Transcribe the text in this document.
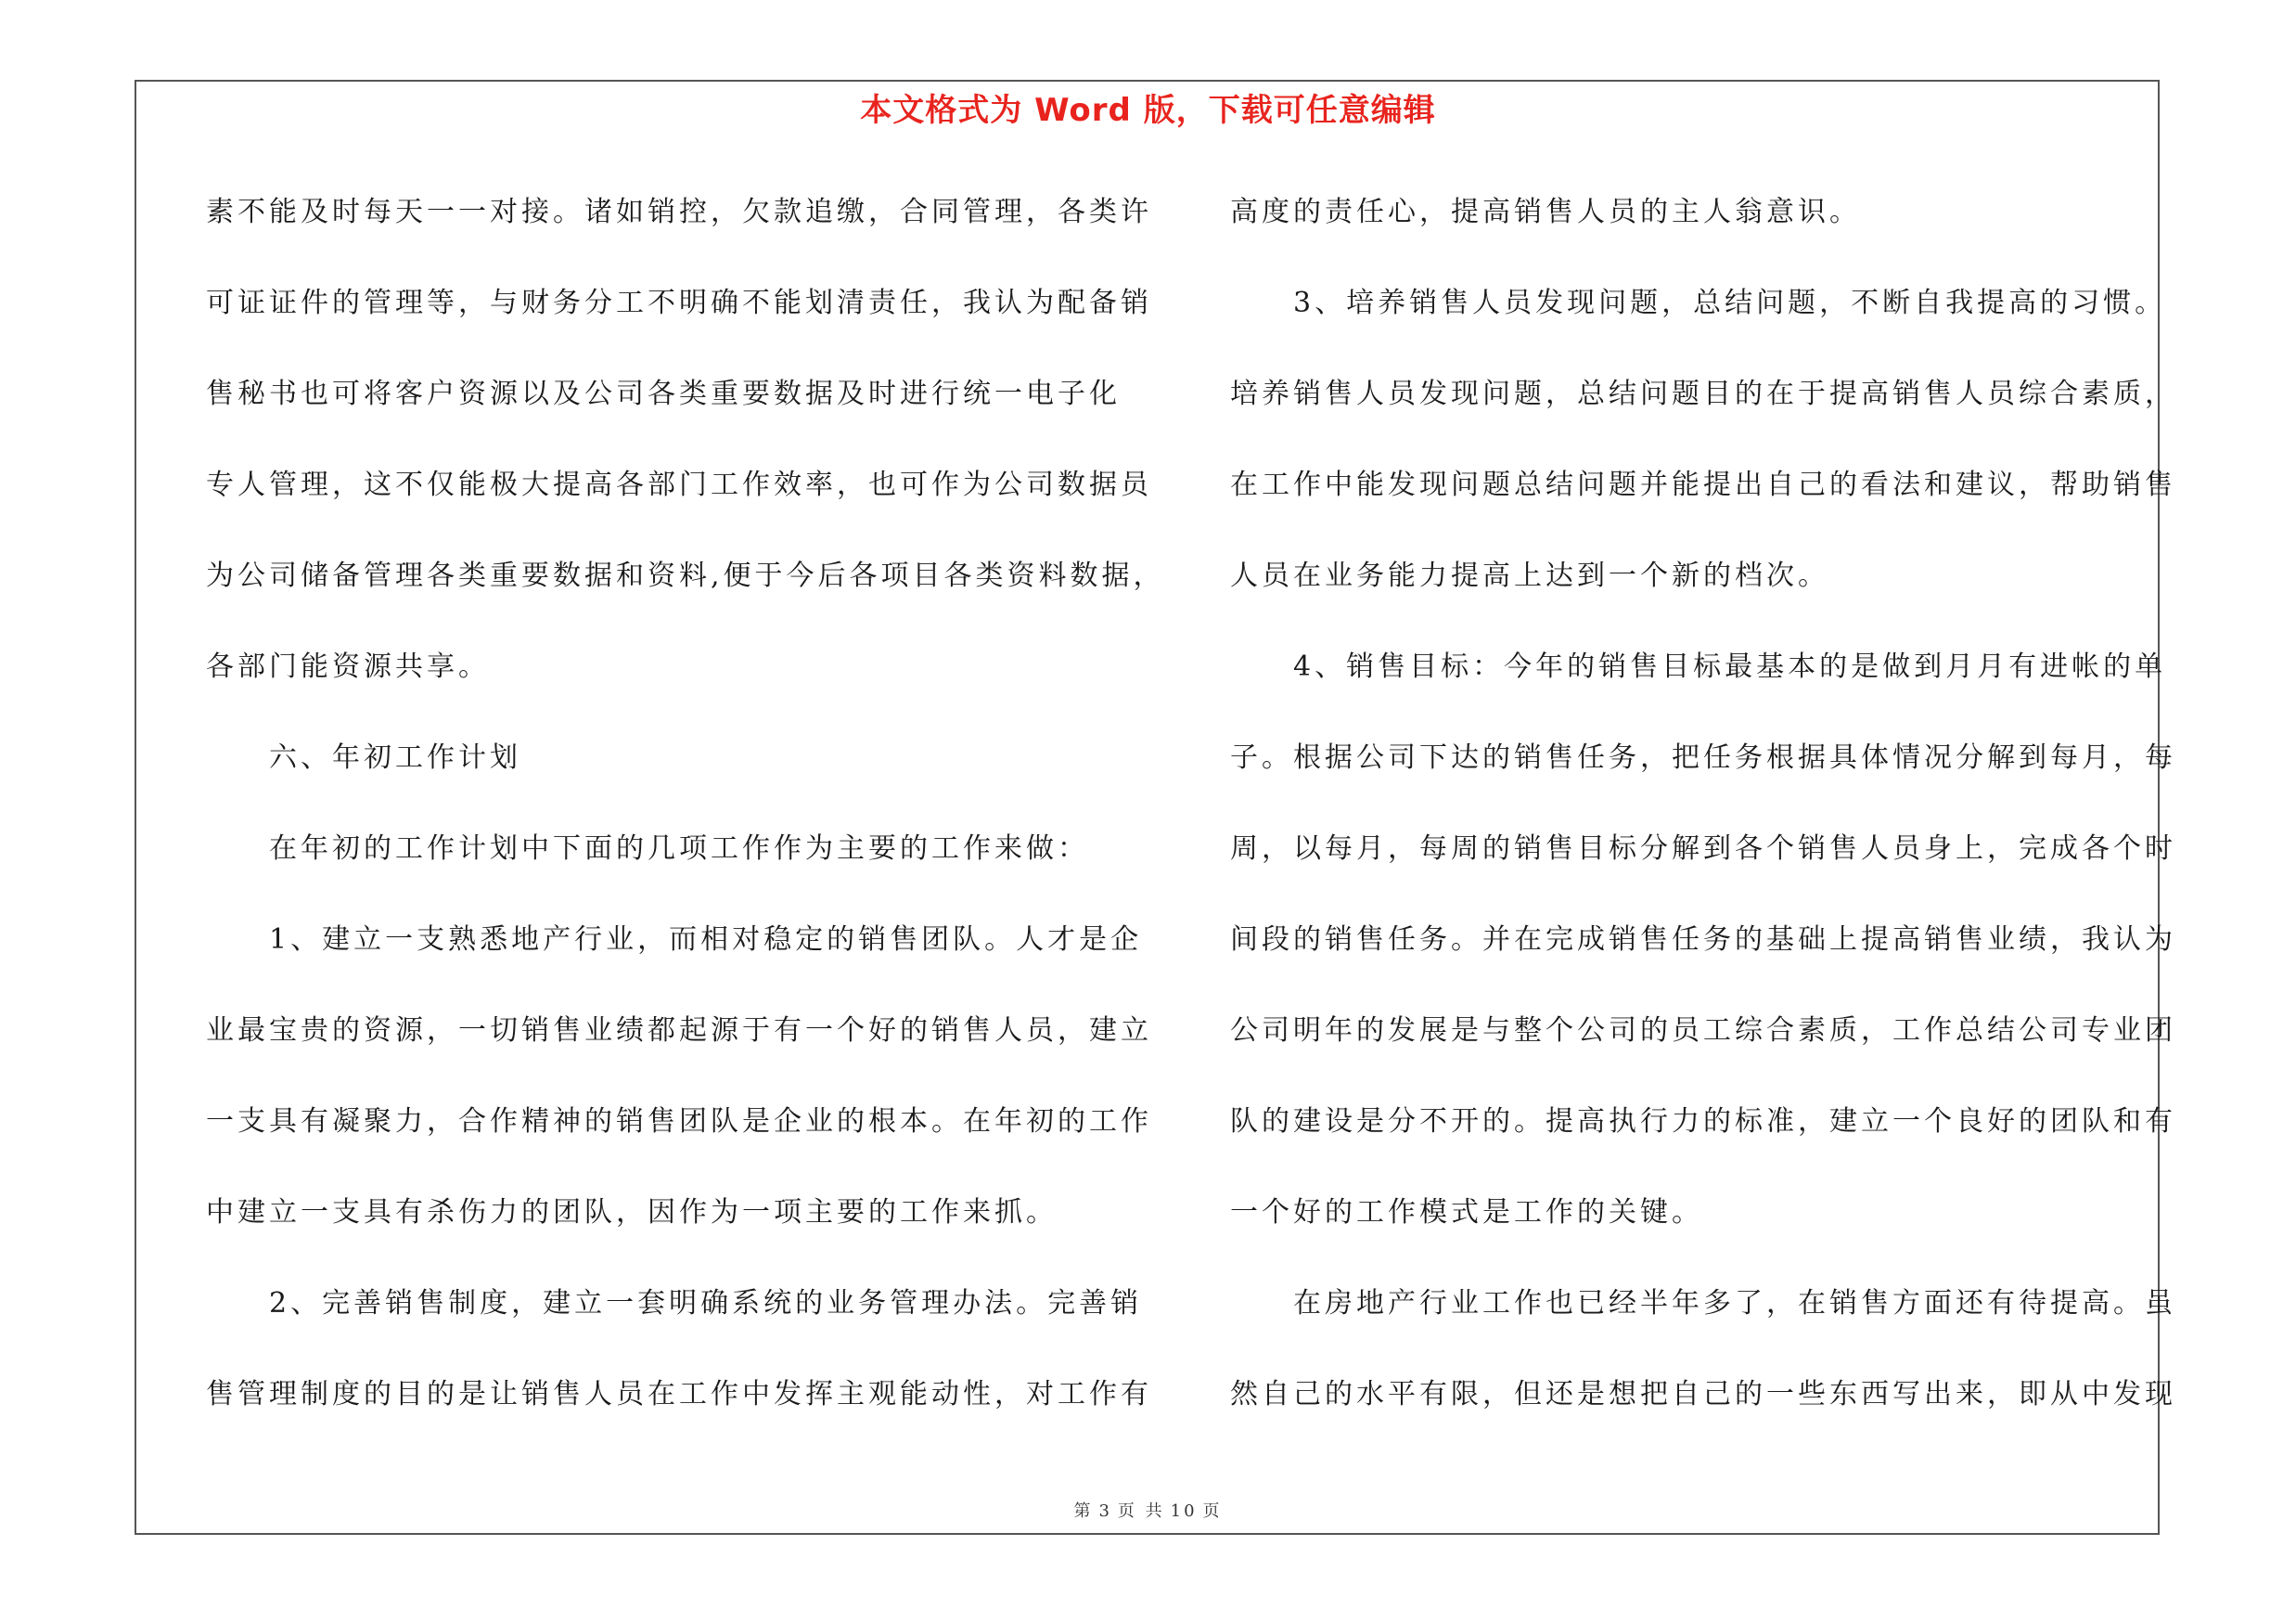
本文格式为 Word 版，下载可任意编辑
素不能及时每天一一对接。诸如销控，欠款追缴，合同管理，各类许
可证证件的管理等，与财务分工不明确不能划清责任，我认为配备销
售秘书也可将客户资源以及公司各类重要数据及时进行统一电子化
专人管理，这不仅能极大提高各部门工作效率，也可作为公司数据员
为公司储备管理各类重要数据和资料,便于今后各项目各类资料数据，
各部门能资源共享。
六、年初工作计划
在年初的工作计划中下面的几项工作作为主要的工作来做：
1、建立一支熟悉地产行业，而相对稳定的销售团队。人才是企
业最宝贵的资源，一切销售业绩都起源于有一个好的销售人员，建立
一支具有凝聚力，合作精神的销售团队是企业的根本。在年初的工作
中建立一支具有杀伤力的团队，因作为一项主要的工作来抓。
2、完善销售制度，建立一套明确系统的业务管理办法。完善销
售管理制度的目的是让销售人员在工作中发挥主观能动性，对工作有
高度的责任心，提高销售人员的主人翁意识。
3、培养销售人员发现问题，总结问题，不断自我提高的习惯。
培养销售人员发现问题，总结问题目的在于提高销售人员综合素质，
在工作中能发现问题总结问题并能提出自己的看法和建议，帮助销售
人员在业务能力提高上达到一个新的档次。
4、销售目标：今年的销售目标最基本的是做到月月有进帐的单
子。根据公司下达的销售任务，把任务根据具体情况分解到每月，每
周，以每月，每周的销售目标分解到各个销售人员身上，完成各个时
间段的销售任务。并在完成销售任务的基础上提高销售业绩，我认为
公司明年的发展是与整个公司的员工综合素质，工作总结公司专业团
队的建设是分不开的。提高执行力的标准，建立一个良好的团队和有
一个好的工作模式是工作的关键。
在房地产行业工作也已经半年多了，在销售方面还有待提高。虽
然自己的水平有限，但还是想把自己的一些东西写出来，即从中发现
第 3 页 共 10 页
